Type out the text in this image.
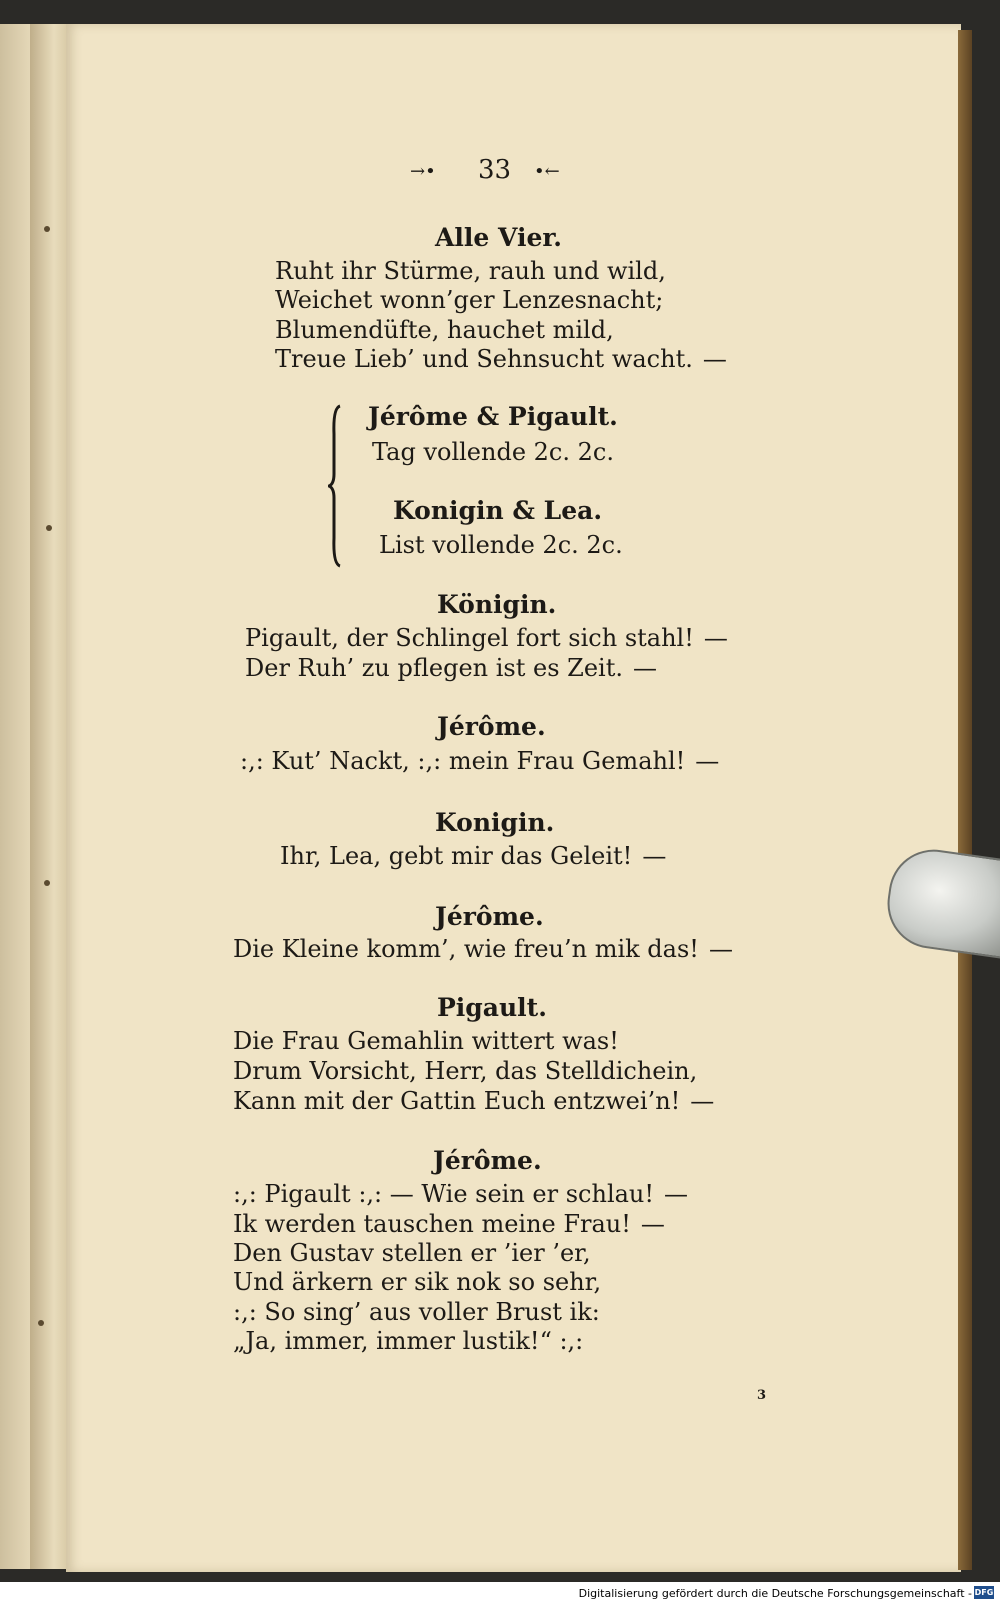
→• 33 •←
Alle Vier.
Ruht ihr Stürme, rauh und wild,
Weichet wonn’ger Lenzesnacht;
Blumendüfte, hauchet mild,
Treue Lieb’ und Sehnsucht wacht. —
Jérôme & Pigault.
Tag vollende 2c. 2c.
Konigin & Lea.
List vollende 2c. 2c.
Königin.
Pigault, der Schlingel fort sich stahl! —
Der Ruh’ zu pflegen ist es Zeit. —
Jérôme.
:,: Kut’ Nackt, :,: mein Frau Gemahl! —
Konigin.
Ihr, Lea, gebt mir das Geleit! —
Jérôme.
Die Kleine komm’, wie freu’n mik das! —
Pigault.
Die Frau Gemahlin wittert was!
Drum Vorsicht, Herr, das Stelldichein,
Kann mit der Gattin Euch entzwei’n! —
Jérôme.
:,: Pigault :,: — Wie sein er schlau! —
Ik werden tauschen meine Frau! —
Den Gustav stellen er ’ier ’er,
Und ärkern er sik nok so sehr,
:,: So sing’ aus voller Brust ik:
„Ja, immer, immer lustik!“ :,:
3
Digitalisierung gefördert durch die Deutsche Forschungsgemeinschaft - DFG
